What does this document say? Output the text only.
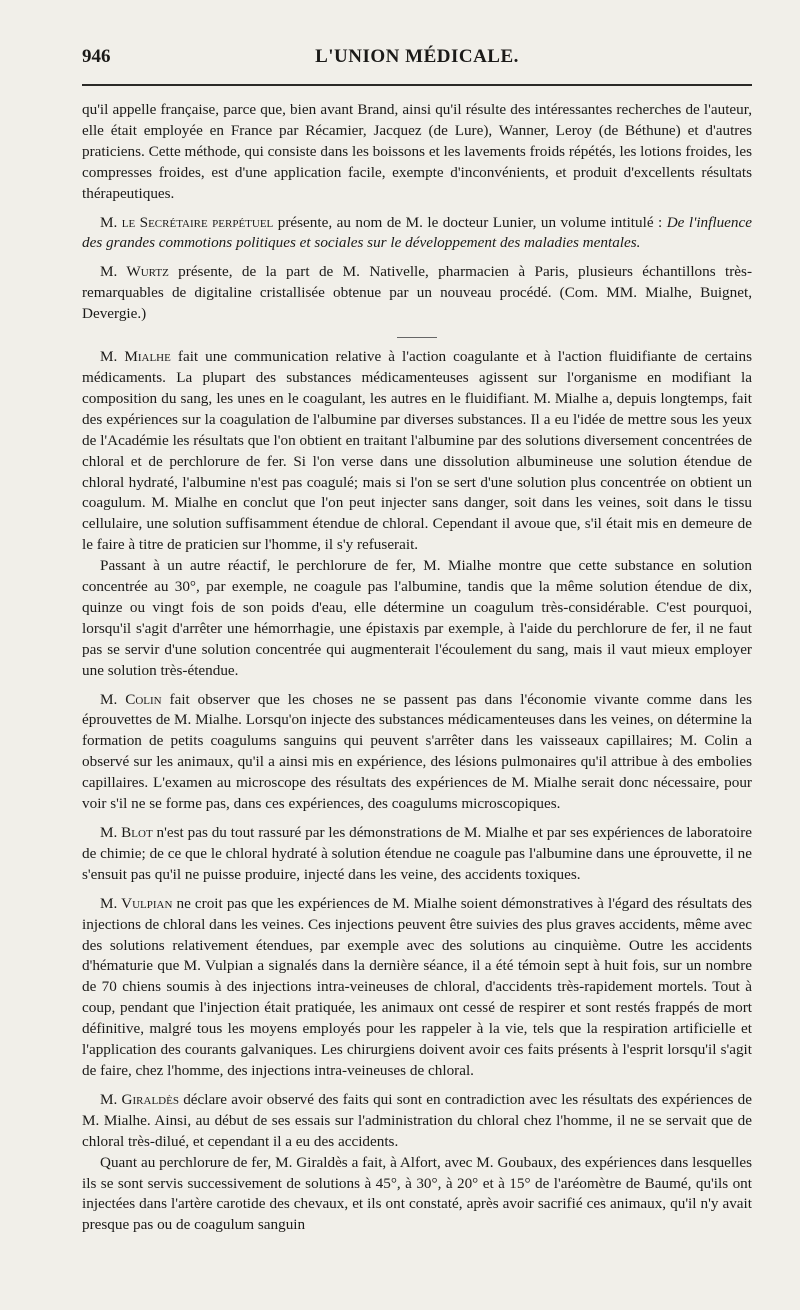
946	L'UNION MÉDICALE.

qu'il appelle française, parce que, bien avant Brand, ainsi qu'il résulte des intéressantes recherches de l'auteur, elle était employée en France par Récamier, Jacquez (de Lure), Wanner, Leroy (de Béthune) et d'autres praticiens. Cette méthode, qui consiste dans les boissons et les lavements froids répétés, les lotions froides, les compresses froides, est d'une application facile, exempte d'inconvénients, et produit d'excellents résultats thérapeutiques.

M. le Secrétaire perpétuel présente, au nom de M. le docteur Lunier, un volume intitulé : De l'influence des grandes commotions politiques et sociales sur le développement des maladies mentales.

M. Wurtz présente, de la part de M. Nativelle, pharmacien à Paris, plusieurs échantillons très-remarquables de digitaline cristallisée obtenue par un nouveau procédé. (Com. MM. Mialhe, Buignet, Devergie.)

M. Mialhe fait une communication relative à l'action coagulante et à l'action fluidifiante de certains médicaments. La plupart des substances médicamenteuses agissent sur l'organisme en modifiant la composition du sang, les unes en le coagulant, les autres en le fluidifiant. M. Mialhe a, depuis longtemps, fait des expériences sur la coagulation de l'albumine par diverses substances. Il a eu l'idée de mettre sous les yeux de l'Académie les résultats que l'on obtient en traitant l'albumine par des solutions diversement concentrées de chloral et de perchlorure de fer. Si l'on verse dans une dissolution albumineuse une solution étendue de chloral hydraté, l'albumine n'est pas coagulé; mais si l'on se sert d'une solution plus concentrée on obtient un coagulum. M. Mialhe en conclut que l'on peut injecter sans danger, soit dans les veines, soit dans le tissu cellulaire, une solution suffisamment étendue de chloral. Cependant il avoue que, s'il était mis en demeure de le faire à titre de praticien sur l'homme, il s'y refuserait.

Passant à un autre réactif, le perchlorure de fer, M. Mialhe montre que cette substance en solution concentrée au 30°, par exemple, ne coagule pas l'albumine, tandis que la même solution étendue de dix, quinze ou vingt fois de son poids d'eau, elle détermine un coagulum très-considérable. C'est pourquoi, lorsqu'il s'agit d'arrêter une hémorrhagie, une épistaxis par exemple, à l'aide du perchlorure de fer, il ne faut pas se servir d'une solution concentrée qui augmenterait l'écoulement du sang, mais il vaut mieux employer une solution très-étendue.

M. Colin fait observer que les choses ne se passent pas dans l'économie vivante comme dans les éprouvettes de M. Mialhe. Lorsqu'on injecte des substances médicamenteuses dans les veines, on détermine la formation de petits coagulums sanguins qui peuvent s'arrêter dans les vaisseaux capillaires; M. Colin a observé sur les animaux, qu'il a ainsi mis en expérience, des lésions pulmonaires qu'il attribue à des embolies capillaires. L'examen au microscope des résultats des expériences de M. Mialhe serait donc nécessaire, pour voir s'il ne se forme pas, dans ces expériences, des coagulums microscopiques.

M. Blot n'est pas du tout rassuré par les démonstrations de M. Mialhe et par ses expériences de laboratoire de chimie; de ce que le chloral hydraté à solution étendue ne coagule pas l'albumine dans une éprouvette, il ne s'ensuit pas qu'il ne puisse produire, injecté dans les veine, des accidents toxiques.

M. Vulpian ne croit pas que les expériences de M. Mialhe soient démonstratives à l'égard des résultats des injections de chloral dans les veines. Ces injections peuvent être suivies des plus graves accidents, même avec des solutions relativement étendues, par exemple avec des solutions au cinquième. Outre les accidents d'hématurie que M. Vulpian a signalés dans la dernière séance, il a été témoin sept à huit fois, sur un nombre de 70 chiens soumis à des injections intra-veineuses de chloral, d'accidents très-rapidement mortels. Tout à coup, pendant que l'injection était pratiquée, les animaux ont cessé de respirer et sont restés frappés de mort définitive, malgré tous les moyens employés pour les rappeler à la vie, tels que la respiration artificielle et l'application des courants galvaniques. Les chirurgiens doivent avoir ces faits présents à l'esprit lorsqu'il s'agit de faire, chez l'homme, des injections intra-veineuses de chloral.

M. Giraldès déclare avoir observé des faits qui sont en contradiction avec les résultats des expériences de M. Mialhe. Ainsi, au début de ses essais sur l'administration du chloral chez l'homme, il ne se servait que de chloral très-dilué, et cependant il a eu des accidents.

Quant au perchlorure de fer, M. Giraldès a fait, à Alfort, avec M. Goubaux, des expériences dans lesquelles ils se sont servis successivement de solutions à 45°, à 30°, à 20° et à 15° de l'aréomètre de Baumé, qu'ils ont injectées dans l'artère carotide des chevaux, et ils ont constaté, après avoir sacrifié ces animaux, qu'il n'y avait presque pas ou de coagulum sanguin
